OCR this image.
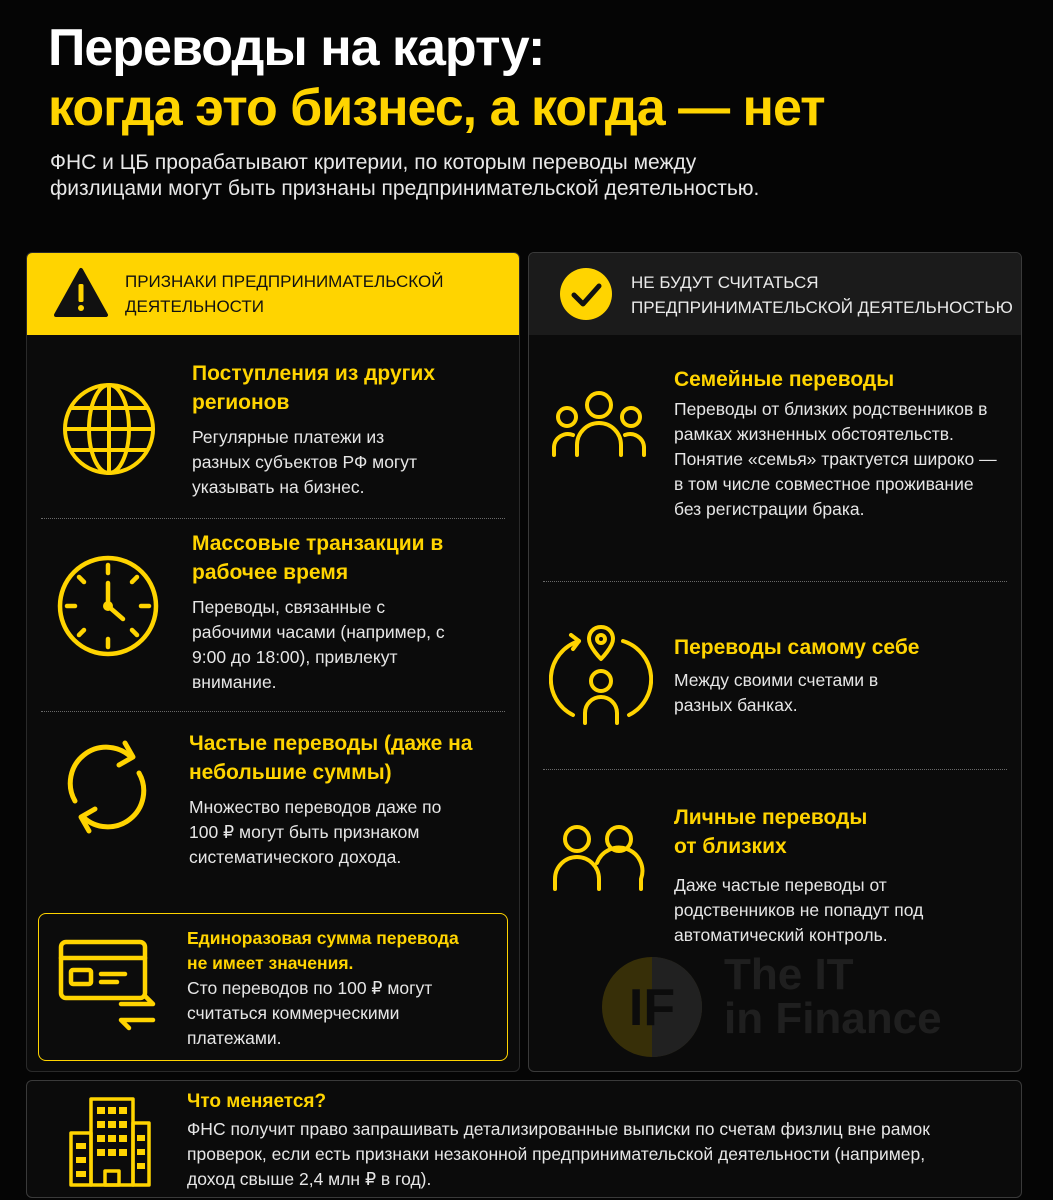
Переводы на карту:
когда это бизнес, а когда — нет
ФНС и ЦБ прорабатывают критерии, по которым переводы между физлицами могут быть признаны предпринимательской деятельностью.
ПРИЗНАКИ ПРЕДПРИНИМАТЕЛЬСКОЙ ДЕЯТЕЛЬНОСТИ
Поступления из других регионов
Регулярные платежи из разных субъектов РФ могут указывать на бизнес.
Массовые транзакции в рабочее время
Переводы, связанные с рабочими часами (например, с 9:00 до 18:00), привлекут внимание.
Частые переводы (даже на небольшие суммы)
Множество переводов даже по 100 ₽ могут быть признаком систематического дохода.
Единоразовая сумма перевода не имеет значения.
Сто переводов по 100 ₽ могут считаться коммерческими платежами.
НЕ БУДУТ СЧИТАТЬСЯ ПРЕДПРИНИМАТЕЛЬСКОЙ ДЕЯТЕЛЬНОСТЬЮ
Семейные переводы
Переводы от близких родственников в рамках жизненных обстоятельств. Понятие «семья» трактуется широко — в том числе совместное проживание без регистрации брака.
Переводы самому себе
Между своими счетами в разных банках.
Личные переводы от близких
Даже частые переводы от родственников не попадут под автоматический контроль.
IF
The IT
in Finance
Что меняется?
ФНС получит право запрашивать детализированные выписки по счетам физлиц вне рамок проверок, если есть признаки незаконной предпринимательской деятельности (например, доход свыше 2,4 млн ₽ в год).
